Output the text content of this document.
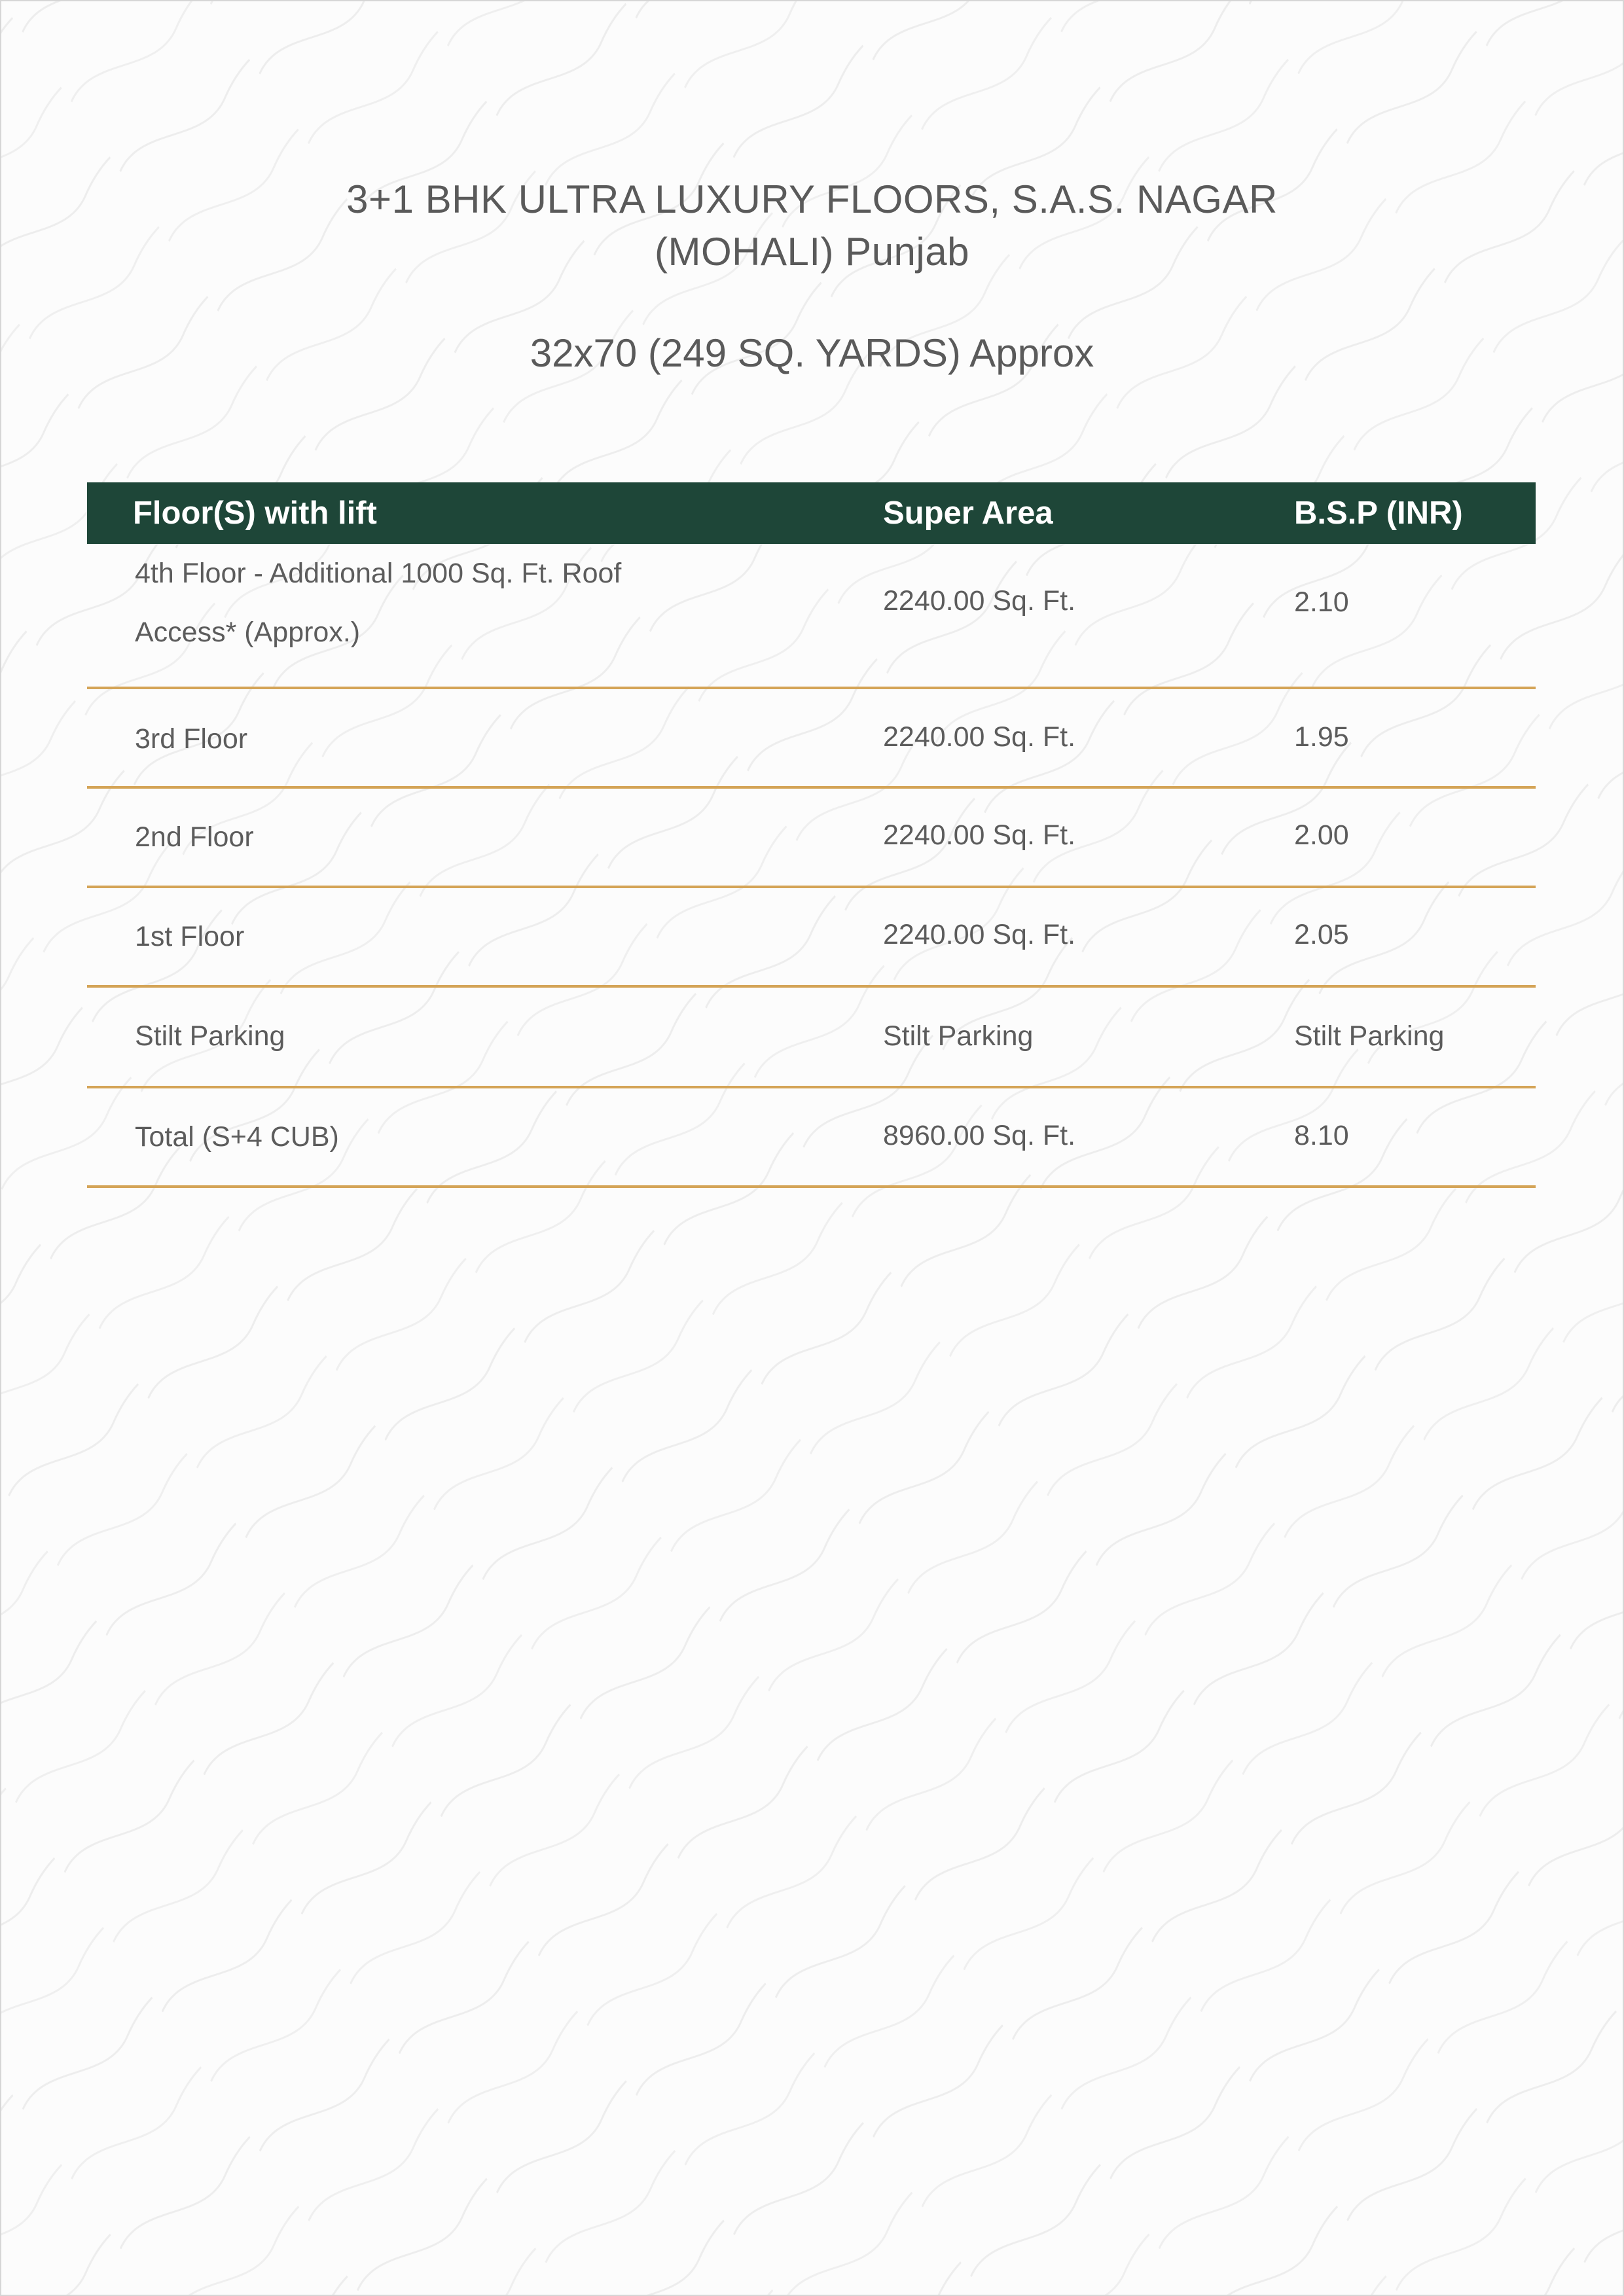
3+1 BHK ULTRA LUXURY FLOORS, S.A.S. NAGAR
(MOHALI) Punjab
32x70 (249 SQ. YARDS) Approx
Floor(S) with lift	Super Area	B.S.P (INR)
4th Floor - Additional 1000 Sq. Ft. Roof
Access* (Approx.)
2240.00 Sq. Ft.	2.10
3rd Floor	2240.00 Sq. Ft.	1.95
2nd Floor	2240.00 Sq. Ft.	2.00
1st Floor	2240.00 Sq. Ft.	2.05
Stilt Parking	Stilt Parking	Stilt Parking
Total (S+4 CUB)	8960.00 Sq. Ft.	8.10
